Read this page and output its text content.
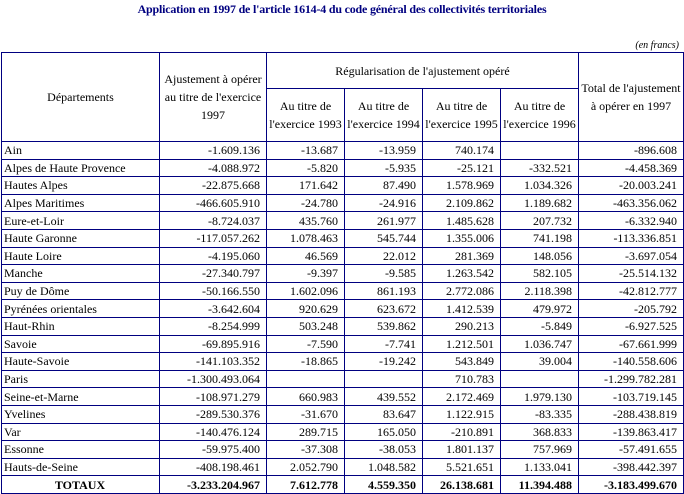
Application en 1997 de l'article 1614-4 du code général des collectivités territoriales
(en francs)
Départements	Ajustement à opérer au titre de l'exercice 1997	Régularisation de l'ajustement opéré				Total de l'ajustement à opérer en 1997
		Au titre de l'exercice 1993	Au titre de l'exercice 1994	Au titre de l'exercice 1995	Au titre de l'exercice 1996	
Ain	-1.609.136	-13.687	-13.959	740.174		-896.608
Alpes de Haute Provence	-4.088.972	-5.820	-5.935	-25.121	-332.521	-4.458.369
Hautes Alpes	-22.875.668	171.642	87.490	1.578.969	1.034.326	-20.003.241
Alpes Maritimes	-466.605.910	-24.780	-24.916	2.109.862	1.189.682	-463.356.062
Eure-et-Loir	-8.724.037	435.760	261.977	1.485.628	207.732	-6.332.940
Haute Garonne	-117.057.262	1.078.463	545.744	1.355.006	741.198	-113.336.851
Haute Loire	-4.195.060	46.569	22.012	281.369	148.056	-3.697.054
Manche	-27.340.797	-9.397	-9.585	1.263.542	582.105	-25.514.132
Puy de Dôme	-50.166.550	1.602.096	861.193	2.772.086	2.118.398	-42.812.777
Pyrénées orientales	-3.642.604	920.629	623.672	1.412.539	479.972	-205.792
Haut-Rhin	-8.254.999	503.248	539.862	290.213	-5.849	-6.927.525
Savoie	-69.895.916	-7.590	-7.741	1.212.501	1.036.747	-67.661.999
Haute-Savoie	-141.103.352	-18.865	-19.242	543.849	39.004	-140.558.606
Paris	-1.300.493.064			710.783		-1.299.782.281
Seine-et-Marne	-108.971.279	660.983	439.552	2.172.469	1.979.130	-103.719.145
Yvelines	-289.530.376	-31.670	83.647	1.122.915	-83.335	-288.438.819
Var	-140.476.124	289.715	165.050	-210.891	368.833	-139.863.417
Essonne	-59.975.400	-37.308	-38.053	1.801.137	757.969	-57.491.655
Hauts-de-Seine	-408.198.461	2.052.790	1.048.582	5.521.651	1.133.041	-398.442.397
TOTAUX	-3.233.204.967	7.612.778	4.559.350	26.138.681	11.394.488	-3.183.499.670
